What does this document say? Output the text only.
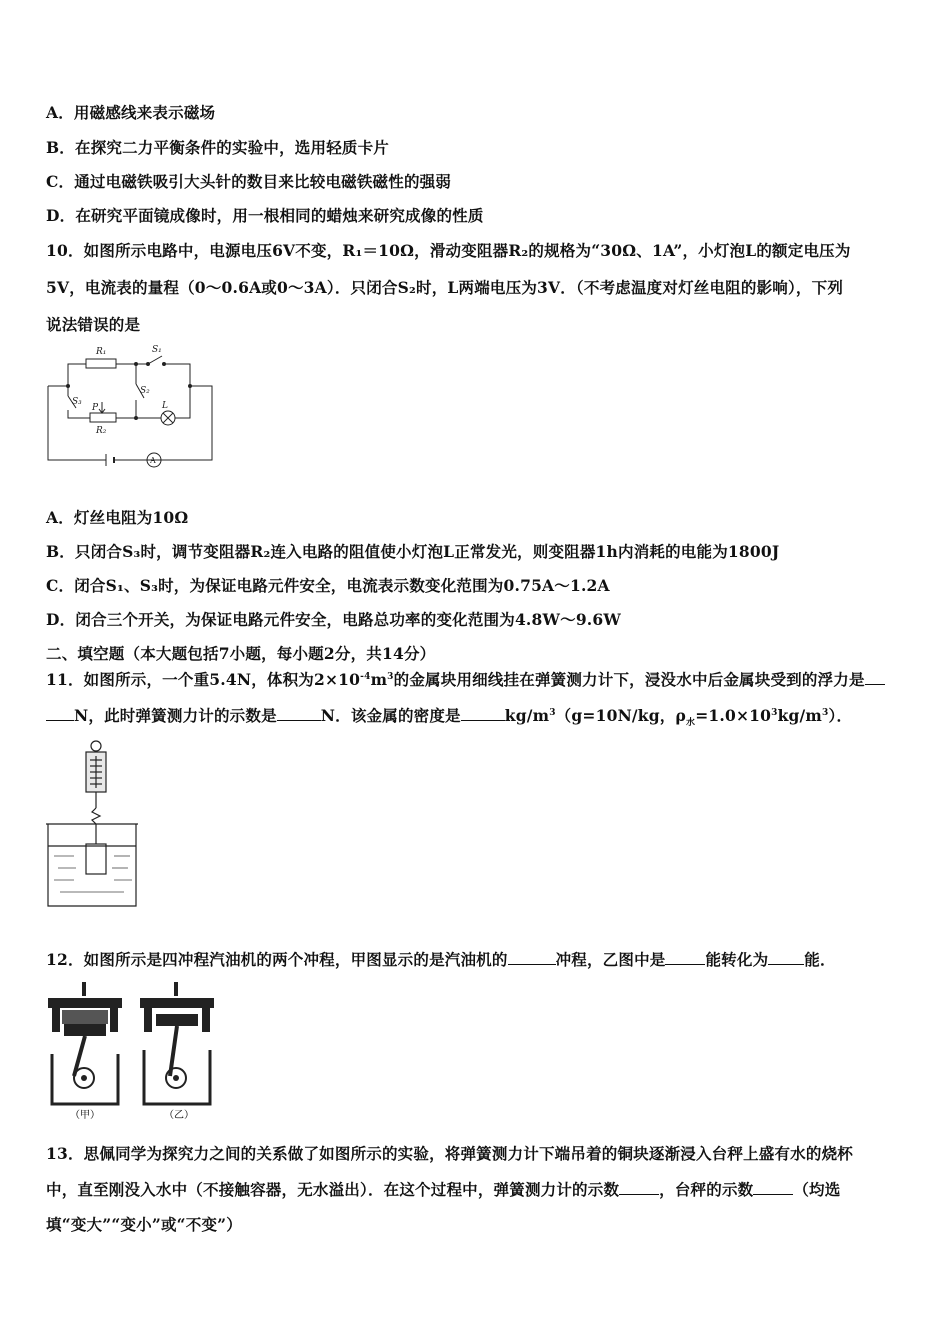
A．用磁感线来表示磁场
B．在探究二力平衡条件的实验中，选用轻质卡片
C．通过电磁铁吸引大头针的数目来比较电磁铁磁性的强弱
D．在研究平面镜成像时，用一根相同的蜡烛来研究成像的性质
10．如图所示电路中，电源电压6V不变，R₁＝10Ω，滑动变阻器R₂的规格为“30Ω、1A”，小灯泡L的额定电压为
5V，电流表的量程（0～0.6A或0～3A）．只闭合S₂时，L两端电压为3V．（不考虑温度对灯丝电阻的影响），下列
说法错误的是
R₁	S₁
S₂
S₃
P
R₂
L
A
A．灯丝电阻为10Ω
B．只闭合S₃时，调节变阻器R₂连入电路的阻值使小灯泡L正常发光，则变阻器1h内消耗的电能为1800J
C．闭合S₁、S₃时，为保证电路元件安全，电流表示数变化范围为0.75A～1.2A
D．闭合三个开关，为保证电路元件安全，电路总功率的变化范围为4.8W～9.6W
二、填空题（本大题包括7小题，每小题2分，共14分）
11．如图所示，一个重5.4N，体积为$2\times 10^{-4}m^3$的金属块用细线挂在弹簧测力计下，浸没水中后金属块受到的浮力是
N，此时弹簧测力计的示数是	N．该金属的密度是	$kg/m^3(g=10N/kg$，$\rho_水=1.0\times 10^3kg/m^3$）．
12．如图所示是四冲程汽油机的两个冲程，甲图显示的是汽油机的	冲程，乙图中是	能转化为 能．
（甲）	（乙）
13．思佩同学为探究力之间的关系做了如图所示的实验，将弹簧测力计下端吊着的铜块逐渐浸入台秤上盛有水的烧杯
中，直至刚没入水中（不接触容器，无水溢出）．在这个过程中，弹簧测力计的示数	，台秤的示数	（均选
填“变大”“变小”或“不变”）
